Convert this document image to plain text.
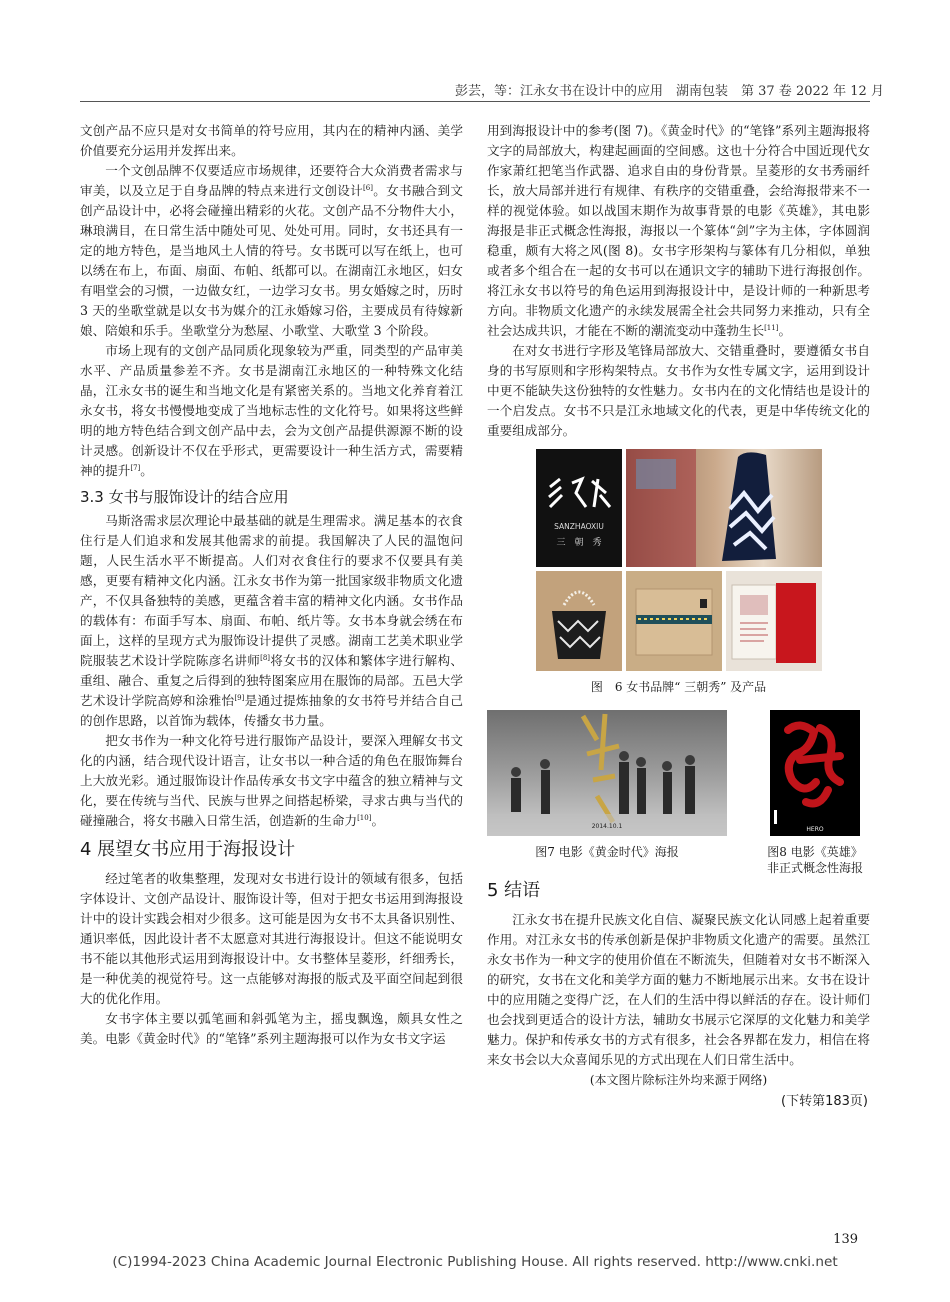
彭芸，等：江永女书在设计中的应用　湖南包装　第 37 卷 2022 年 12 月

文创产品不应只是对女书简单的符号应用，其内在的精神内涵、美学价值要充分运用并发挥出来。

一个文创品牌不仅要适应市场规律，还要符合大众消费者需求与审美，以及立足于自身品牌的特点来进行文创设计[6]。女书融合到文创产品设计中，必将会碰撞出精彩的火花。文创产品不分物件大小，琳琅满目，在日常生活中随处可见、处处可用。同时，女书还具有一定的地方特色，是当地风土人情的符号。女书既可以写在纸上，也可以绣在布上，布面、扇面、布帕、纸都可以。在湖南江永地区，妇女有唱堂会的习惯，一边做女红，一边学习女书。男女婚嫁之时，历时 3 天的坐歌堂就是以女书为媒介的江永婚嫁习俗，主要成员有待嫁新娘、陪娘和乐手。坐歌堂分为愁屋、小歌堂、大歌堂 3 个阶段。

市场上现有的文创产品同质化现象较为严重，同类型的产品审美水平、产品质量参差不齐。女书是湖南江永地区的一种特殊文化结晶，江永女书的诞生和当地文化是有紧密关系的。当地文化养育着江永女书，将女书慢慢地变成了当地标志性的文化符号。如果将这些鲜明的地方特色结合到文创产品中去，会为文创产品提供源源不断的设计灵感。创新设计不仅在乎形式，更需要设计一种生活方式，需要精神的提升[7]。

3.3 女书与服饰设计的结合应用

马斯洛需求层次理论中最基础的就是生理需求。满足基本的衣食住行是人们追求和发展其他需求的前提。我国解决了人民的温饱问题，人民生活水平不断提高。人们对衣食住行的要求不仅要具有美感，更要有精神文化内涵。江永女书作为第一批国家级非物质文化遗产，不仅具备独特的美感，更蕴含着丰富的精神文化内涵。女书作品的载体有：布面手写本、扇面、布帕、纸片等。女书本身就会绣在布面上，这样的呈现方式为服饰设计提供了灵感。湖南工艺美术职业学院服装艺术设计学院陈彦名讲师[8]将女书的汉体和繁体字进行解构、重组、融合、重复之后得到的独特图案应用在服饰的局部。五邑大学艺术设计学院高婷和涂雅怡[9]是通过提炼抽象的女书符号并结合自己的创作思路，以首饰为载体，传播女书力量。

把女书作为一种文化符号进行服饰产品设计，要深入理解女书文化的内涵，结合现代设计语言，让女书以一种合适的角色在服饰舞台上大放光彩。通过服饰设计作品传承女书文字中蕴含的独立精神与文化，要在传统与当代、民族与世界之间搭起桥梁，寻求古典与当代的碰撞融合，将女书融入日常生活，创造新的生命力[10]。

4 展望女书应用于海报设计

经过笔者的收集整理，发现对女书进行设计的领域有很多，包括字体设计、文创产品设计、服饰设计等，但对于把女书运用到海报设计中的设计实践会相对少很多。这可能是因为女书不太具备识别性、通识率低，因此设计者不太愿意对其进行海报设计。但这不能说明女书不能以其他形式运用到海报设计中。女书整体呈菱形，纤细秀长，是一种优美的视觉符号。这一点能够对海报的版式及平面空间起到很大的优化作用。

女书字体主要以弧笔画和斜弧笔为主，摇曳飘逸，颇具女性之美。电影《黄金时代》的“笔锋”系列主题海报可以作为女书文字运

用到海报设计中的参考(图 7)。《黄金时代》的“笔锋”系列主题海报将文字的局部放大，构建起画面的空间感。这也十分符合中国近现代女作家萧红把笔当作武器、追求自由的身份背景。呈菱形的女书秀丽纤长，放大局部并进行有规律、有秩序的交错重叠，会给海报带来不一样的视觉体验。如以战国末期作为故事背景的电影《英雄》，其电影海报是非正式概念性海报，海报以一个篆体“剑”字为主体，字体圆润稳重，颇有大将之风(图 8)。女书字形架构与篆体有几分相似，单独或者多个组合在一起的女书可以在通识文字的辅助下进行海报创作。将江永女书以符号的角色运用到海报设计中，是设计师的一种新思考方向。非物质文化遗产的永续发展需全社会共同努力来推动，只有全社会达成共识，才能在不断的潮流变动中蓬勃生长[11]。

在对女书进行字形及笔锋局部放大、交错重叠时，要遵循女书自身的书写原则和字形构架特点。女书作为女性专属文字，运用到设计中更不能缺失这份独特的女性魅力。女书内在的文化情结也是设计的一个启发点。女书不只是江永地域文化的代表，更是中华传统文化的重要组成部分。

SANZHAOXIU
三　朝　秀
图　6 女书品牌“ 三朝秀” 及产品
2014.10.1
图7 电影《黄金时代》海报
HERO
图8 电影《英雄》
非正式概念性海报
5 结语

江永女书在提升民族文化自信、凝聚民族文化认同感上起着重要作用。对江永女书的传承创新是保护非物质文化遗产的需要。虽然江永女书作为一种文字的使用价值在不断流失，但随着对女书不断深入的研究，女书在文化和美学方面的魅力不断地展示出来。女书在设计中的应用随之变得广泛，在人们的生活中得以鲜活的存在。设计师们也会找到更适合的设计方法，辅助女书展示它深厚的文化魅力和美学魅力。保护和传承女书的方式有很多，社会各界都在发力，相信在将来女书会以大众喜闻乐见的方式出现在人们日常生活中。

(本文图片除标注外均来源于网络)
(下转第183页)
139
(C)1994-2023 China Academic Journal Electronic Publishing House. All rights reserved. http://www.cnki.net
